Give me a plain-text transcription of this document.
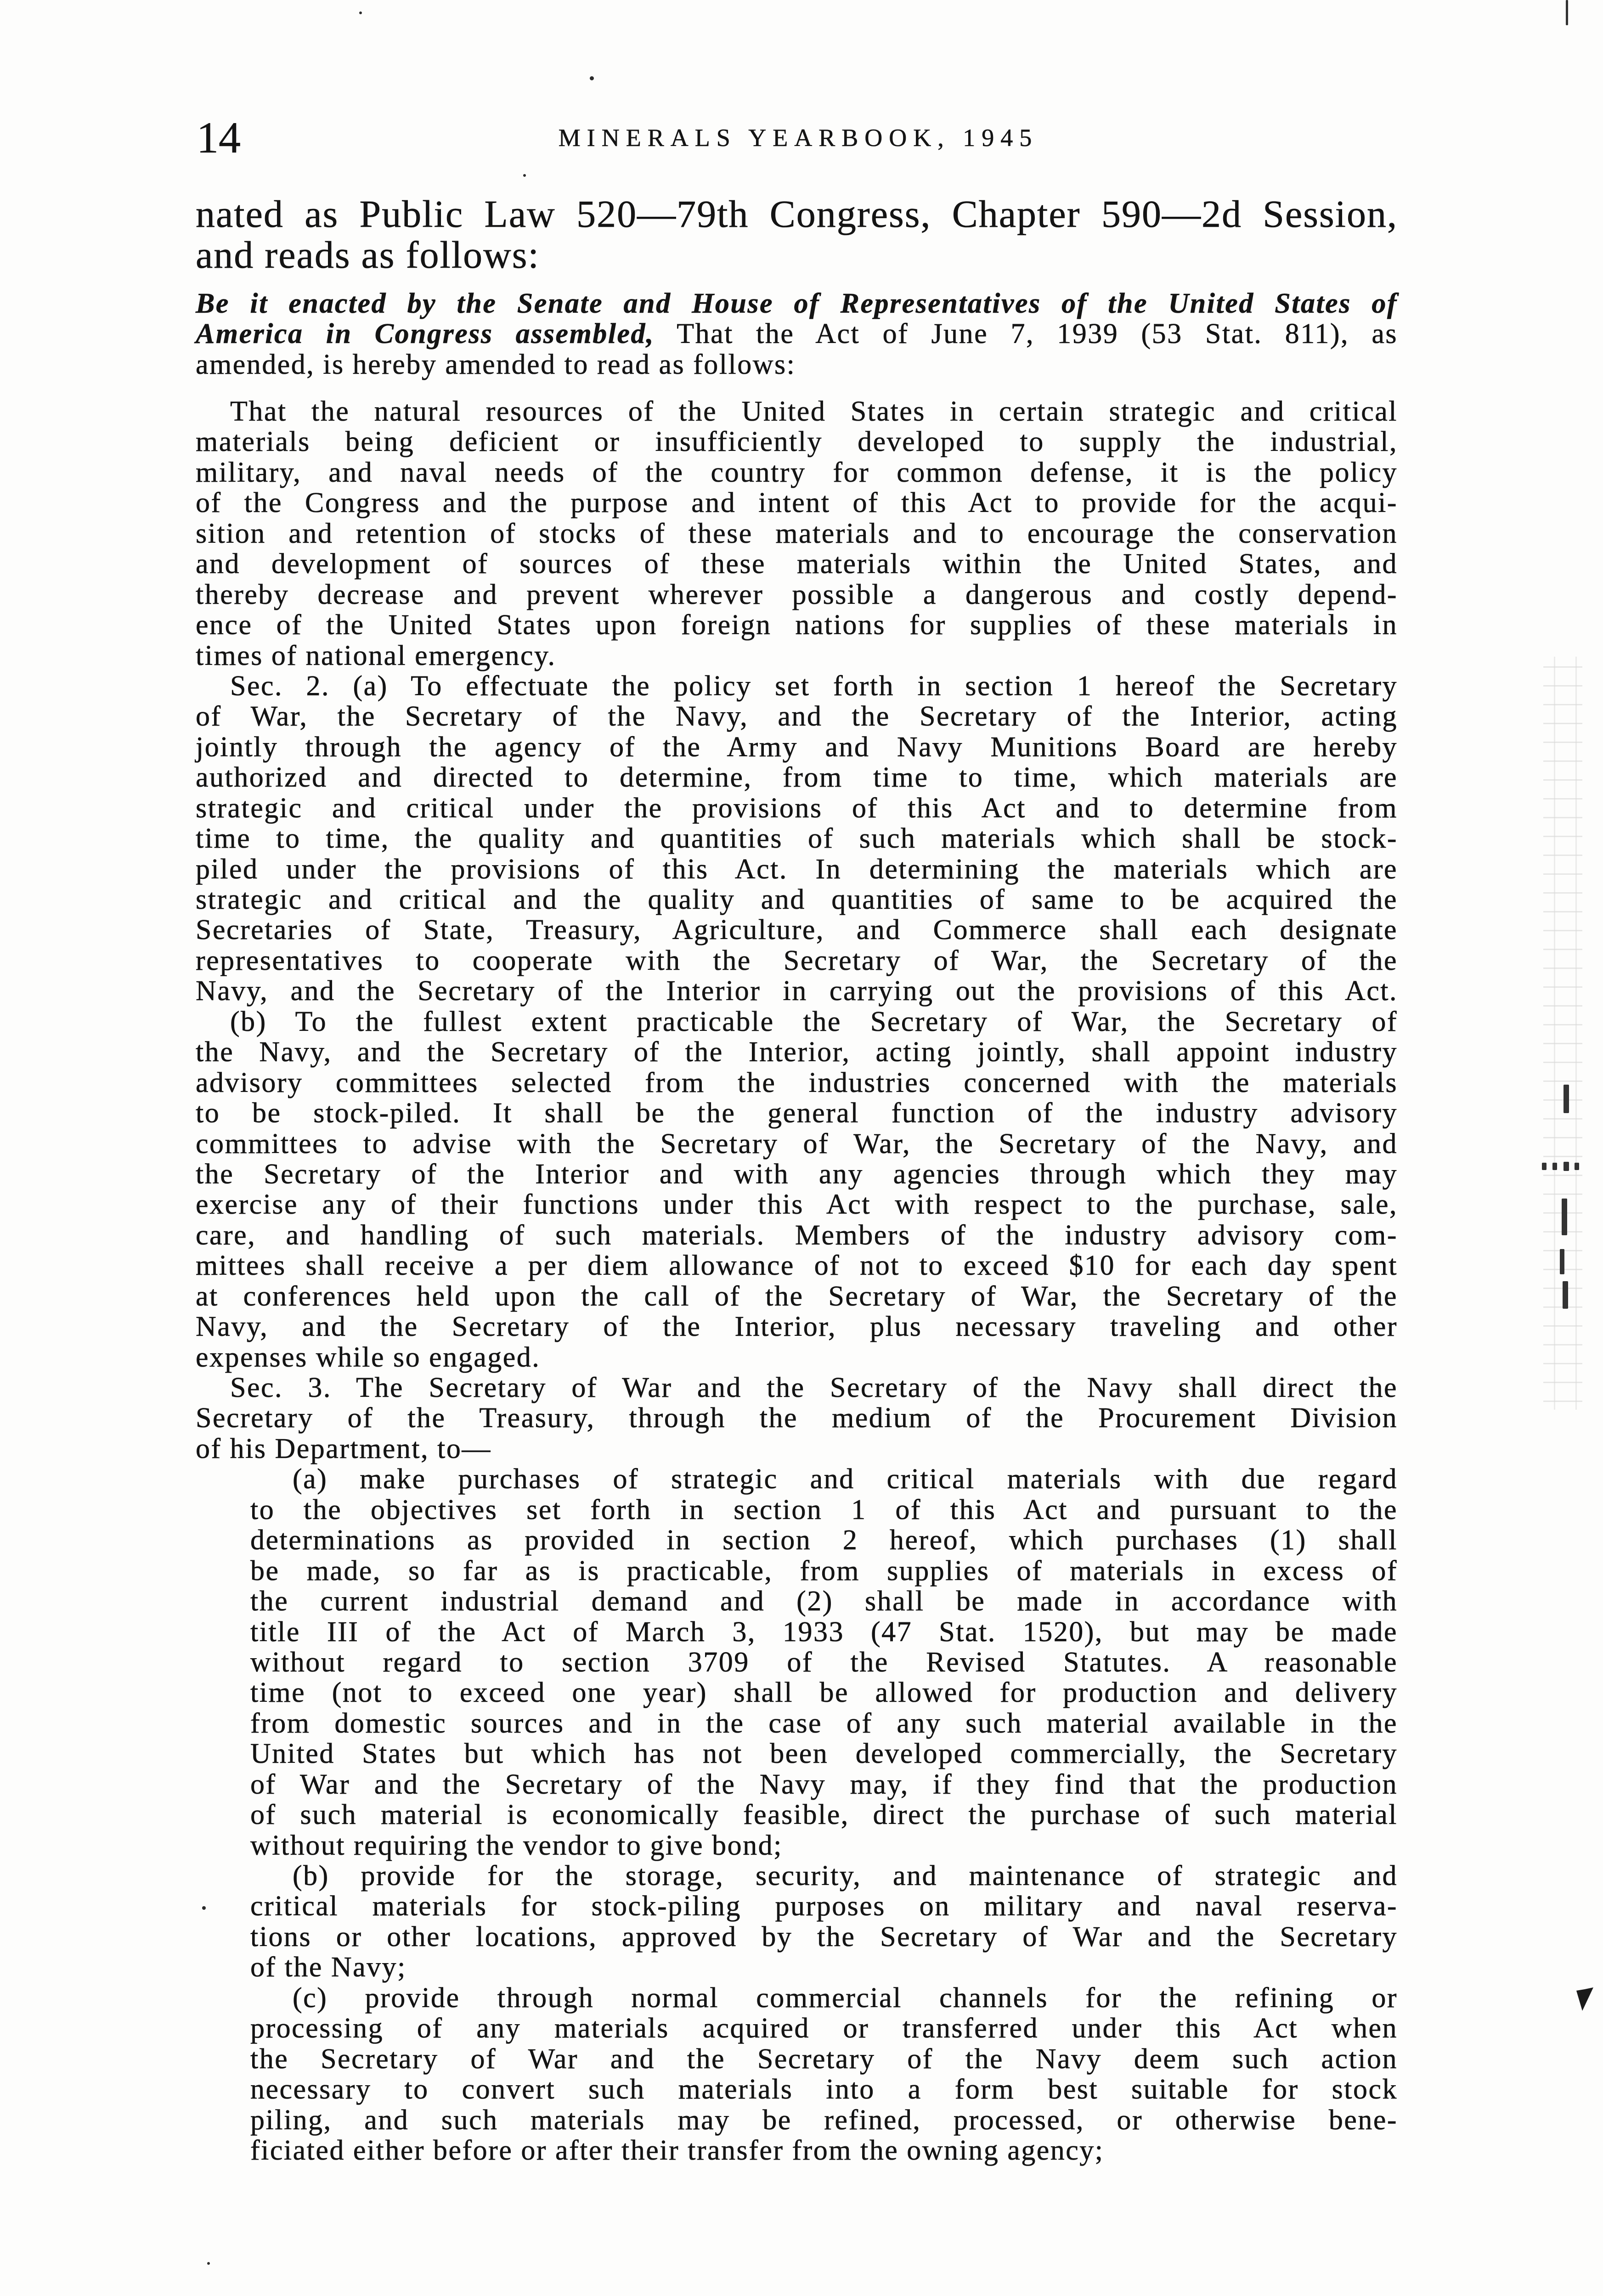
14	MINERALS YEARBOOK, 1945
nated as Public Law 520—79th Congress, Chapter 590—2d Session,
and reads as follows:
Be it enacted by the Senate and House of Representatives of the United States of
America in Congress assembled, That the Act of June 7, 1939 (53 Stat. 811), as
amended, is hereby amended to read as follows:
That the natural resources of the United States in certain strategic and critical
materials being deficient or insufficiently developed to supply the industrial,
military, and naval needs of the country for common defense, it is the policy
of the Congress and the purpose and intent of this Act to provide for the acqui-
sition and retention of stocks of these materials and to encourage the conservation
and development of sources of these materials within the United States, and
thereby decrease and prevent wherever possible a dangerous and costly depend-
ence of the United States upon foreign nations for supplies of these materials in
times of national emergency.
Sec. 2. (a) To effectuate the policy set forth in section 1 hereof the Secretary
of War, the Secretary of the Navy, and the Secretary of the Interior, acting
jointly through the agency of the Army and Navy Munitions Board are hereby
authorized and directed to determine, from time to time, which materials are
strategic and critical under the provisions of this Act and to determine from
time to time, the quality and quantities of such materials which shall be stock-
piled under the provisions of this Act. In determining the materials which are
strategic and critical and the quality and quantities of same to be acquired the
Secretaries of State, Treasury, Agriculture, and Commerce shall each designate
representatives to cooperate with the Secretary of War, the Secretary of the
Navy, and the Secretary of the Interior in carrying out the provisions of this Act.
(b) To the fullest extent practicable the Secretary of War, the Secretary of
the Navy, and the Secretary of the Interior, acting jointly, shall appoint industry
advisory committees selected from the industries concerned with the materials
to be stock-piled. It shall be the general function of the industry advisory
committees to advise with the Secretary of War, the Secretary of the Navy, and
the Secretary of the Interior and with any agencies through which they may
exercise any of their functions under this Act with respect to the purchase, sale,
care, and handling of such materials. Members of the industry advisory com-
mittees shall receive a per diem allowance of not to exceed $10 for each day spent
at conferences held upon the call of the Secretary of War, the Secretary of the
Navy, and the Secretary of the Interior, plus necessary traveling and other
expenses while so engaged.
Sec. 3. The Secretary of War and the Secretary of the Navy shall direct the
Secretary of the Treasury, through the medium of the Procurement Division
of his Department, to—
(a) make purchases of strategic and critical materials with due regard
to the objectives set forth in section 1 of this Act and pursuant to the
determinations as provided in section 2 hereof, which purchases (1) shall
be made, so far as is practicable, from supplies of materials in excess of
the current industrial demand and (2) shall be made in accordance with
title III of the Act of March 3, 1933 (47 Stat. 1520), but may be made
without regard to section 3709 of the Revised Statutes. A reasonable
time (not to exceed one year) shall be allowed for production and delivery
from domestic sources and in the case of any such material available in the
United States but which has not been developed commercially, the Secretary
of War and the Secretary of the Navy may, if they find that the production
of such material is economically feasible, direct the purchase of such material
without requiring the vendor to give bond;
(b) provide for the storage, security, and maintenance of strategic and
critical materials for stock-piling purposes on military and naval reserva-
tions or other locations, approved by the Secretary of War and the Secretary
of the Navy;
(c) provide through normal commercial channels for the refining or
processing of any materials acquired or transferred under this Act when
the Secretary of War and the Secretary of the Navy deem such action
necessary to convert such materials into a form best suitable for stock
piling, and such materials may be refined, processed, or otherwise bene-
ficiated either before or after their transfer from the owning agency;
